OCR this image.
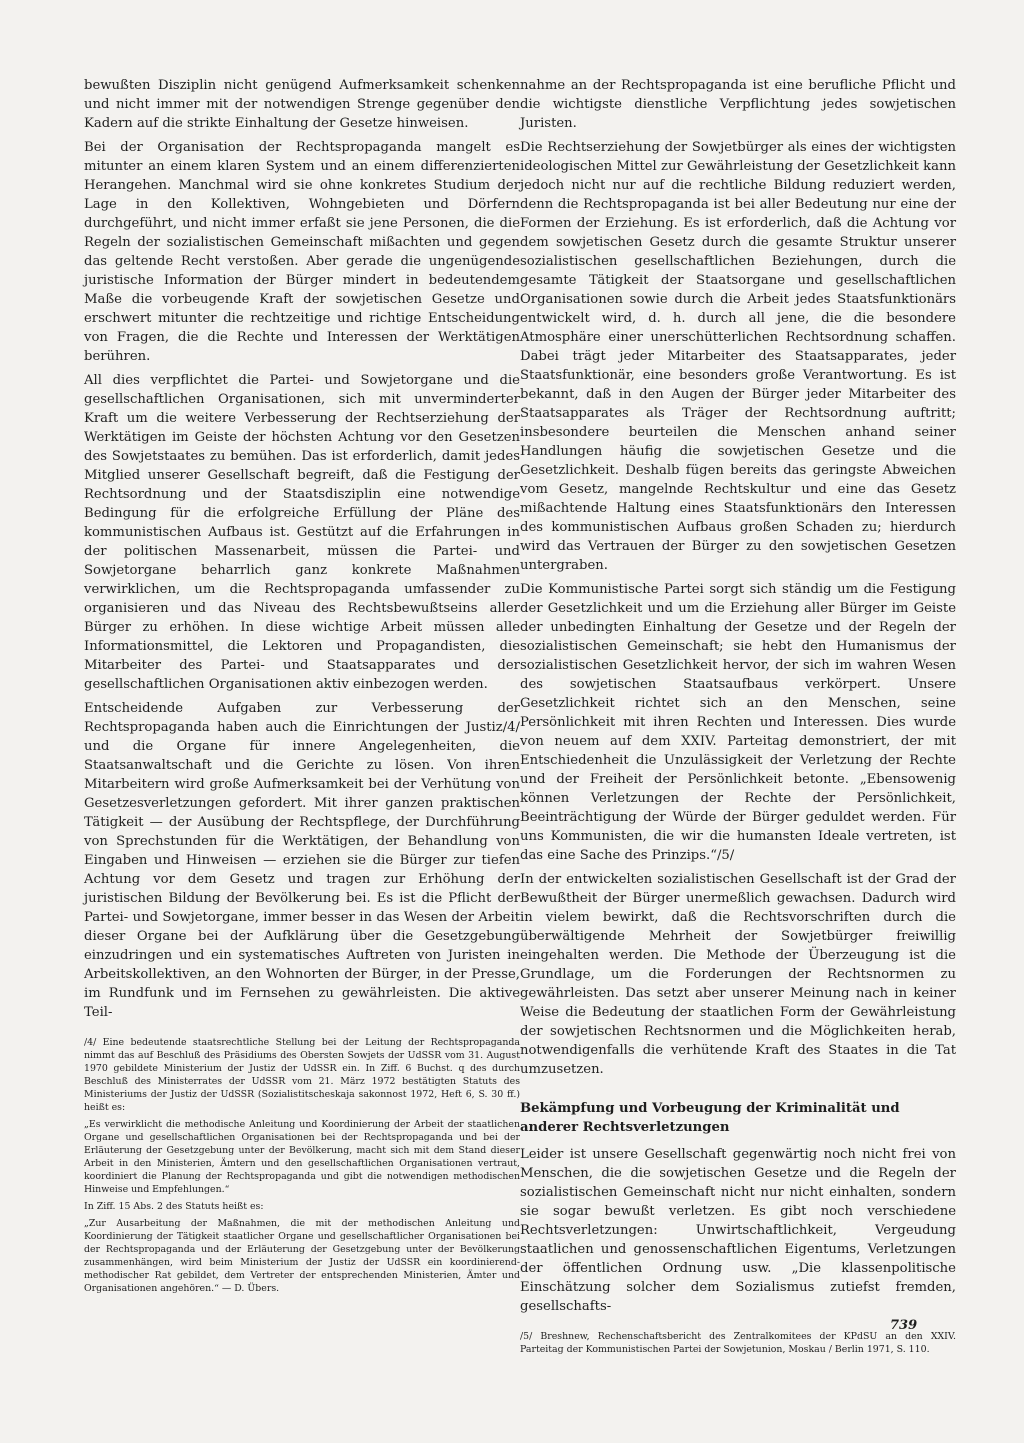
bewußten Disziplin nicht genügend Aufmerksamkeit schenken und nicht immer mit der notwendigen Strenge gegenüber den Kadern auf die strikte Einhaltung der Gesetze hinweisen.

Bei der Organisation der Rechtspropaganda mangelt es mitunter an einem klaren System und an einem differenzierten Herangehen. Manchmal wird sie ohne konkretes Studium der Lage in den Kollektiven, Wohngebieten und Dörfern durchgeführt, und nicht immer erfaßt sie jene Personen, die die Regeln der sozialistischen Gemeinschaft mißachten und gegen das geltende Recht verstoßen. Aber gerade die ungenügende juristische Information der Bürger mindert in bedeutendem Maße die vorbeugende Kraft der sowjetischen Gesetze und erschwert mitunter die rechtzeitige und richtige Entscheidung von Fragen, die die Rechte und Interessen der Werktätigen berühren.

All dies verpflichtet die Partei- und Sowjetorgane und die gesellschaftlichen Organisationen, sich mit unverminderter Kraft um die weitere Verbesserung der Rechtserziehung der Werktätigen im Geiste der höchsten Achtung vor den Gesetzen des Sowjetstaates zu bemühen. Das ist erforderlich, damit jedes Mitglied unserer Gesellschaft begreift, daß die Festigung der Rechtsordnung und der Staatsdisziplin eine notwendige Bedingung für die erfolgreiche Erfüllung der Pläne des kommunistischen Aufbaus ist. Gestützt auf die Erfahrungen in der politischen Massenarbeit, müssen die Partei- und Sowjetorgane beharrlich ganz konkrete Maßnahmen verwirklichen, um die Rechtspropaganda umfassender zu organisieren und das Niveau des Rechtsbewußtseins aller Bürger zu erhöhen. In diese wichtige Arbeit müssen alle Informationsmittel, die Lektoren und Propagandisten, die Mitarbeiter des Partei- und Staatsapparates und der gesellschaftlichen Organisationen aktiv einbezogen werden.

Entscheidende Aufgaben zur Verbesserung der Rechtspropaganda haben auch die Einrichtungen der Justiz/4/ und die Organe für innere Angelegenheiten, die Staatsanwaltschaft und die Gerichte zu lösen. Von ihren Mitarbeitern wird große Aufmerksamkeit bei der Verhütung von Gesetzesverletzungen gefordert. Mit ihrer ganzen praktischen Tätigkeit — der Ausübung der Rechtspflege, der Durchführung von Sprechstunden für die Werktätigen, der Behandlung von Eingaben und Hinweisen — erziehen sie die Bürger zur tiefen Achtung vor dem Gesetz und tragen zur Erhöhung der juristischen Bildung der Bevölkerung bei. Es ist die Pflicht der Partei- und Sowjetorgane, immer besser in das Wesen der Arbeit dieser Organe bei der Aufklärung über die Gesetzgebung einzudringen und ein systematisches Auftreten von Juristen in Arbeitskollektiven, an den Wohnorten der Bürger, in der Presse, im Rundfunk und im Fernsehen zu gewährleisten. Die aktive Teil-

/4/ Eine bedeutende staatsrechtliche Stellung bei der Leitung der Rechtspropaganda nimmt das auf Beschluß des Präsidiums des Obersten Sowjets der UdSSR vom 31. August 1970 gebildete Ministerium der Justiz der UdSSR ein. In Ziff. 6 Buchst. q des durch Beschluß des Ministerrates der UdSSR vom 21. März 1972 bestätigten Statuts des Ministeriums der Justiz der UdSSR (Sozialistitscheskaja sakonnost 1972, Heft 6, S. 30 ff.) heißt es:

„Es verwirklicht die methodische Anleitung und Koordinierung der Arbeit der staatlichen Organe und gesellschaftlichen Organisationen bei der Rechtspropaganda und bei der Erläuterung der Gesetzgebung unter der Bevölkerung, macht sich mit dem Stand dieser Arbeit in den Ministerien, Ämtern und den gesellschaftlichen Organisationen vertraut, koordiniert die Planung der Rechtspropaganda und gibt die notwendigen methodischen Hinweise und Empfehlungen.“

In Ziff. 15 Abs. 2 des Statuts heißt es:

„Zur Ausarbeitung der Maßnahmen, die mit der methodischen Anleitung und Koordinierung der Tätigkeit staatlicher Organe und gesellschaftlicher Organisationen bei der Rechtspropaganda und der Erläuterung der Gesetzgebung unter der Bevölkerung zusammenhängen, wird beim Ministerium der Justiz der UdSSR ein koordinierend-methodischer Rat gebildet, dem Vertreter der entsprechenden Ministerien, Ämter und Organisationen angehören.“ — D. Übers.

nahme an der Rechtspropaganda ist eine berufliche Pflicht und die wichtigste dienstliche Verpflichtung jedes sowjetischen Juristen.

Die Rechtserziehung der Sowjetbürger als eines der wichtigsten ideologischen Mittel zur Gewährleistung der Gesetzlichkeit kann jedoch nicht nur auf die rechtliche Bildung reduziert werden, denn die Rechtspropaganda ist bei aller Bedeutung nur eine der Formen der Erziehung. Es ist erforderlich, daß die Achtung vor dem sowjetischen Gesetz durch die gesamte Struktur unserer sozialistischen gesellschaftlichen Beziehungen, durch die gesamte Tätigkeit der Staatsorgane und gesellschaftlichen Organisationen sowie durch die Arbeit jedes Staatsfunktionärs entwickelt wird, d. h. durch all jene, die die besondere Atmosphäre einer unerschütterlichen Rechtsordnung schaffen. Dabei trägt jeder Mitarbeiter des Staatsapparates, jeder Staatsfunktionär, eine besonders große Verantwortung. Es ist bekannt, daß in den Augen der Bürger jeder Mitarbeiter des Staatsapparates als Träger der Rechtsordnung auftritt; insbesondere beurteilen die Menschen anhand seiner Handlungen häufig die sowjetischen Gesetze und die Gesetzlichkeit. Deshalb fügen bereits das geringste Abweichen vom Gesetz, mangelnde Rechtskultur und eine das Gesetz mißachtende Haltung eines Staatsfunktionärs den Interessen des kommunistischen Aufbaus großen Schaden zu; hierdurch wird das Vertrauen der Bürger zu den sowjetischen Gesetzen untergraben.

Die Kommunistische Partei sorgt sich ständig um die Festigung der Gesetzlichkeit und um die Erziehung aller Bürger im Geiste der unbedingten Einhaltung der Gesetze und der Regeln der sozialistischen Gemeinschaft; sie hebt den Humanismus der sozialistischen Gesetzlichkeit hervor, der sich im wahren Wesen des sowjetischen Staatsaufbaus verkörpert. Unsere Gesetzlichkeit richtet sich an den Menschen, seine Persönlichkeit mit ihren Rechten und Interessen. Dies wurde von neuem auf dem XXIV. Parteitag demonstriert, der mit Entschiedenheit die Unzulässigkeit der Verletzung der Rechte und der Freiheit der Persönlichkeit betonte. „Ebensowenig können Verletzungen der Rechte der Persönlichkeit, Beeinträchtigung der Würde der Bürger geduldet werden. Für uns Kommunisten, die wir die humansten Ideale vertreten, ist das eine Sache des Prinzips.“/5/

In der entwickelten sozialistischen Gesellschaft ist der Grad der Bewußtheit der Bürger unermeßlich gewachsen. Dadurch wird in vielem bewirkt, daß die Rechtsvorschriften durch die überwältigende Mehrheit der Sowjetbürger freiwillig eingehalten werden. Die Methode der Überzeugung ist die Grundlage, um die Forderungen der Rechtsnormen zu gewährleisten. Das setzt aber unserer Meinung nach in keiner Weise die Bedeutung der staatlichen Form der Gewährleistung der sowjetischen Rechtsnormen und die Möglichkeiten herab, notwendigenfalls die verhütende Kraft des Staates in die Tat umzusetzen.

Bekämpfung und Vorbeugung der Kriminalität und anderer Rechtsverletzungen

Leider ist unsere Gesellschaft gegenwärtig noch nicht frei von Menschen, die die sowjetischen Gesetze und die Regeln der sozialistischen Gemeinschaft nicht nur nicht einhalten, sondern sie sogar bewußt verletzen. Es gibt noch verschiedene Rechtsverletzungen: Unwirtschaftlichkeit, Vergeudung staatlichen und genossenschaftlichen Eigentums, Verletzungen der öffentlichen Ordnung usw. „Die klassenpolitische Einschätzung solcher dem Sozialismus zutiefst fremden, gesellschafts-

/5/ Breshnew, Rechenschaftsbericht des Zentralkomitees der KPdSU an den XXIV. Parteitag der Kommunistischen Partei der Sowjetunion, Moskau / Berlin 1971, S. 110.

739
